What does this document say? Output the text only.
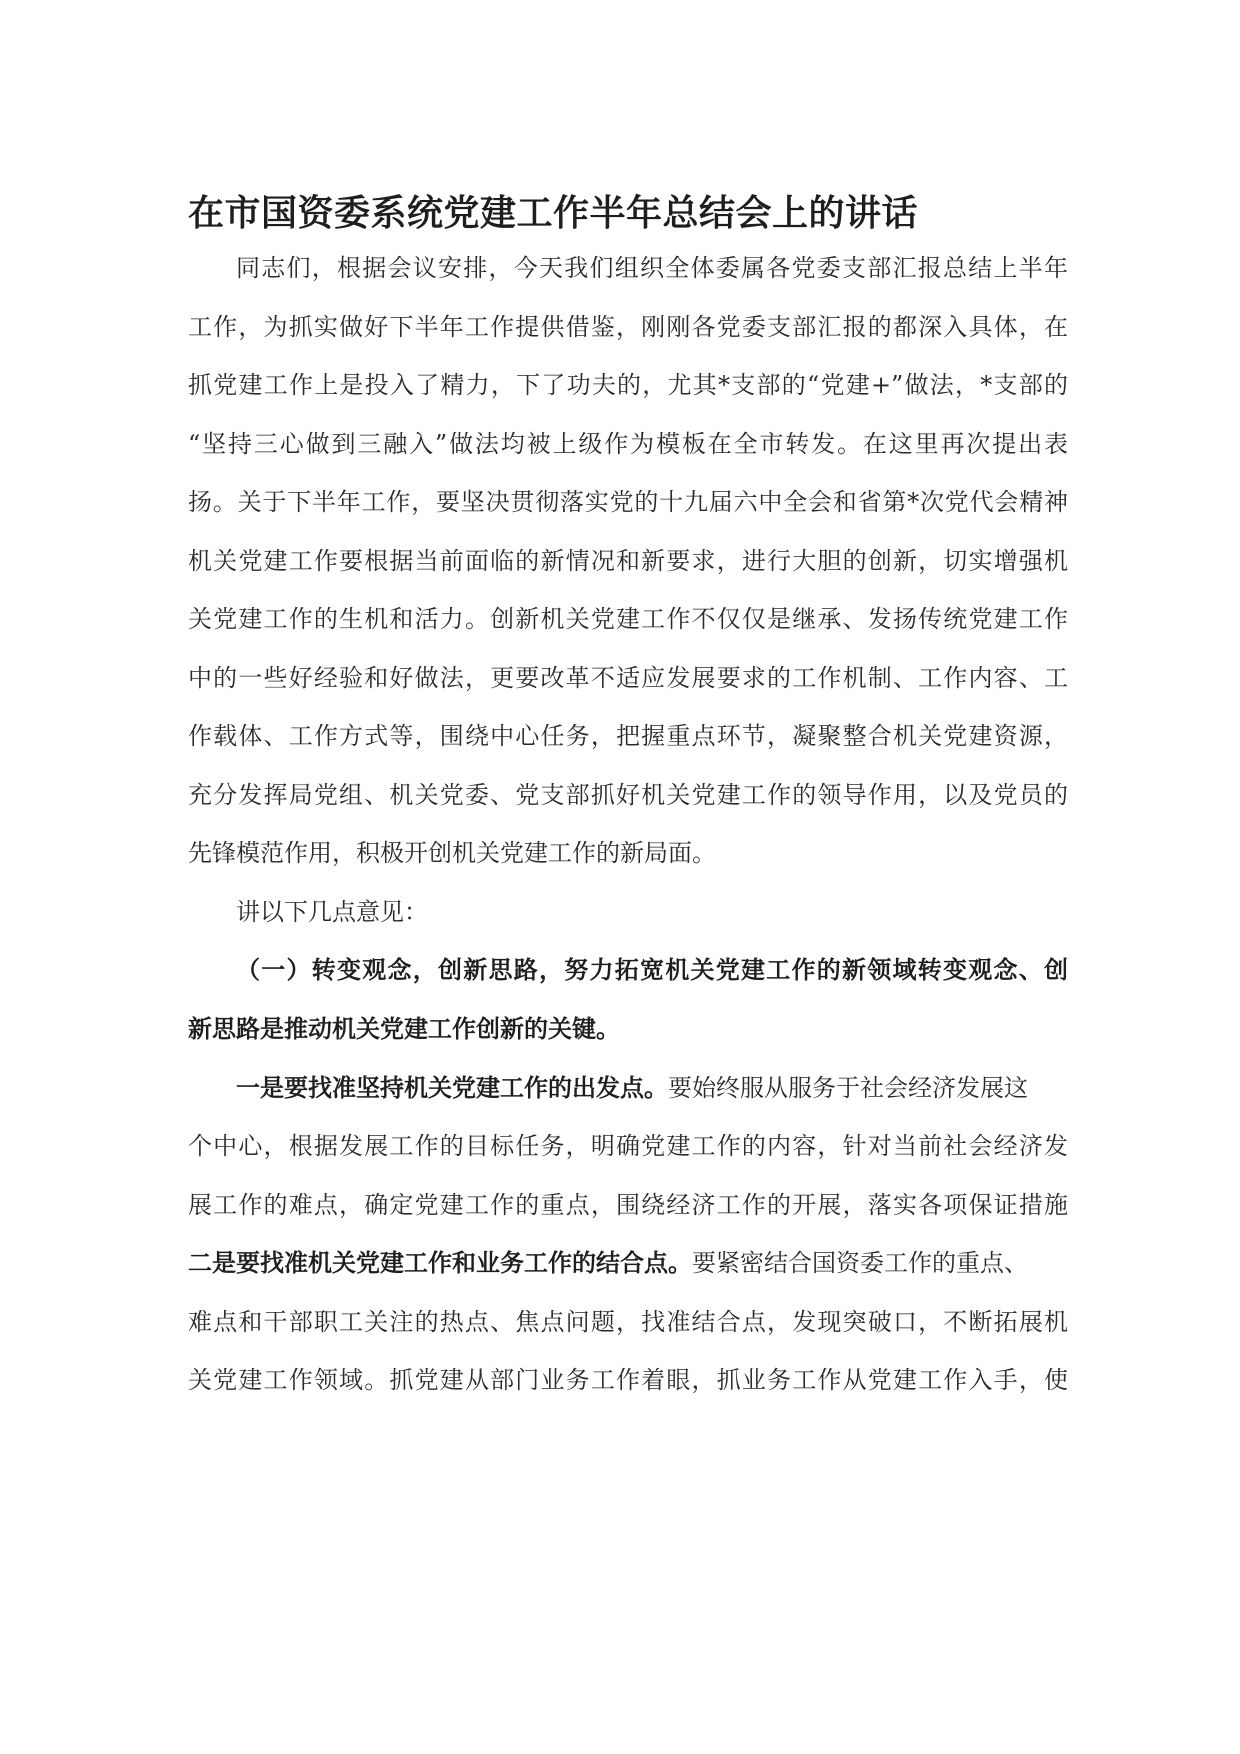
在市国资委系统党建工作半年总结会上的讲话
同志们，根据会议安排，今天我们组织全体委属各党委支部汇报总结上半年
工作，为抓实做好下半年工作提供借鉴，刚刚各党委支部汇报的都深入具体，在
抓党建工作上是投入了精力，下了功夫的，尤其*支部的“党建+”做法，*支部的
“坚持三心做到三融入”做法均被上级作为模板在全市转发。在这里再次提出表
扬。关于下半年工作，要坚决贯彻落实党的十九届六中全会和省第*次党代会精神
机关党建工作要根据当前面临的新情况和新要求，进行大胆的创新，切实增强机
关党建工作的生机和活力。创新机关党建工作不仅仅是继承、发扬传统党建工作
中的一些好经验和好做法，更要改革不适应发展要求的工作机制、工作内容、工
作载体、工作方式等，围绕中心任务，把握重点环节，凝聚整合机关党建资源，
充分发挥局党组、机关党委、党支部抓好机关党建工作的领导作用，以及党员的
先锋模范作用，积极开创机关党建工作的新局面。
讲以下几点意见：
（一）转变观念，创新思路，努力拓宽机关党建工作的新领域转变观念、创
新思路是推动机关党建工作创新的关键。
一是要找准坚持机关党建工作的出发点。要始终服从服务于社会经济发展这
个中心，根据发展工作的目标任务，明确党建工作的内容，针对当前社会经济发
展工作的难点，确定党建工作的重点，围绕经济工作的开展，落实各项保证措施
二是要找准机关党建工作和业务工作的结合点。要紧密结合国资委工作的重点、
难点和干部职工关注的热点、焦点问题，找准结合点，发现突破口，不断拓展机
关党建工作领域。抓党建从部门业务工作着眼，抓业务工作从党建工作入手，使
